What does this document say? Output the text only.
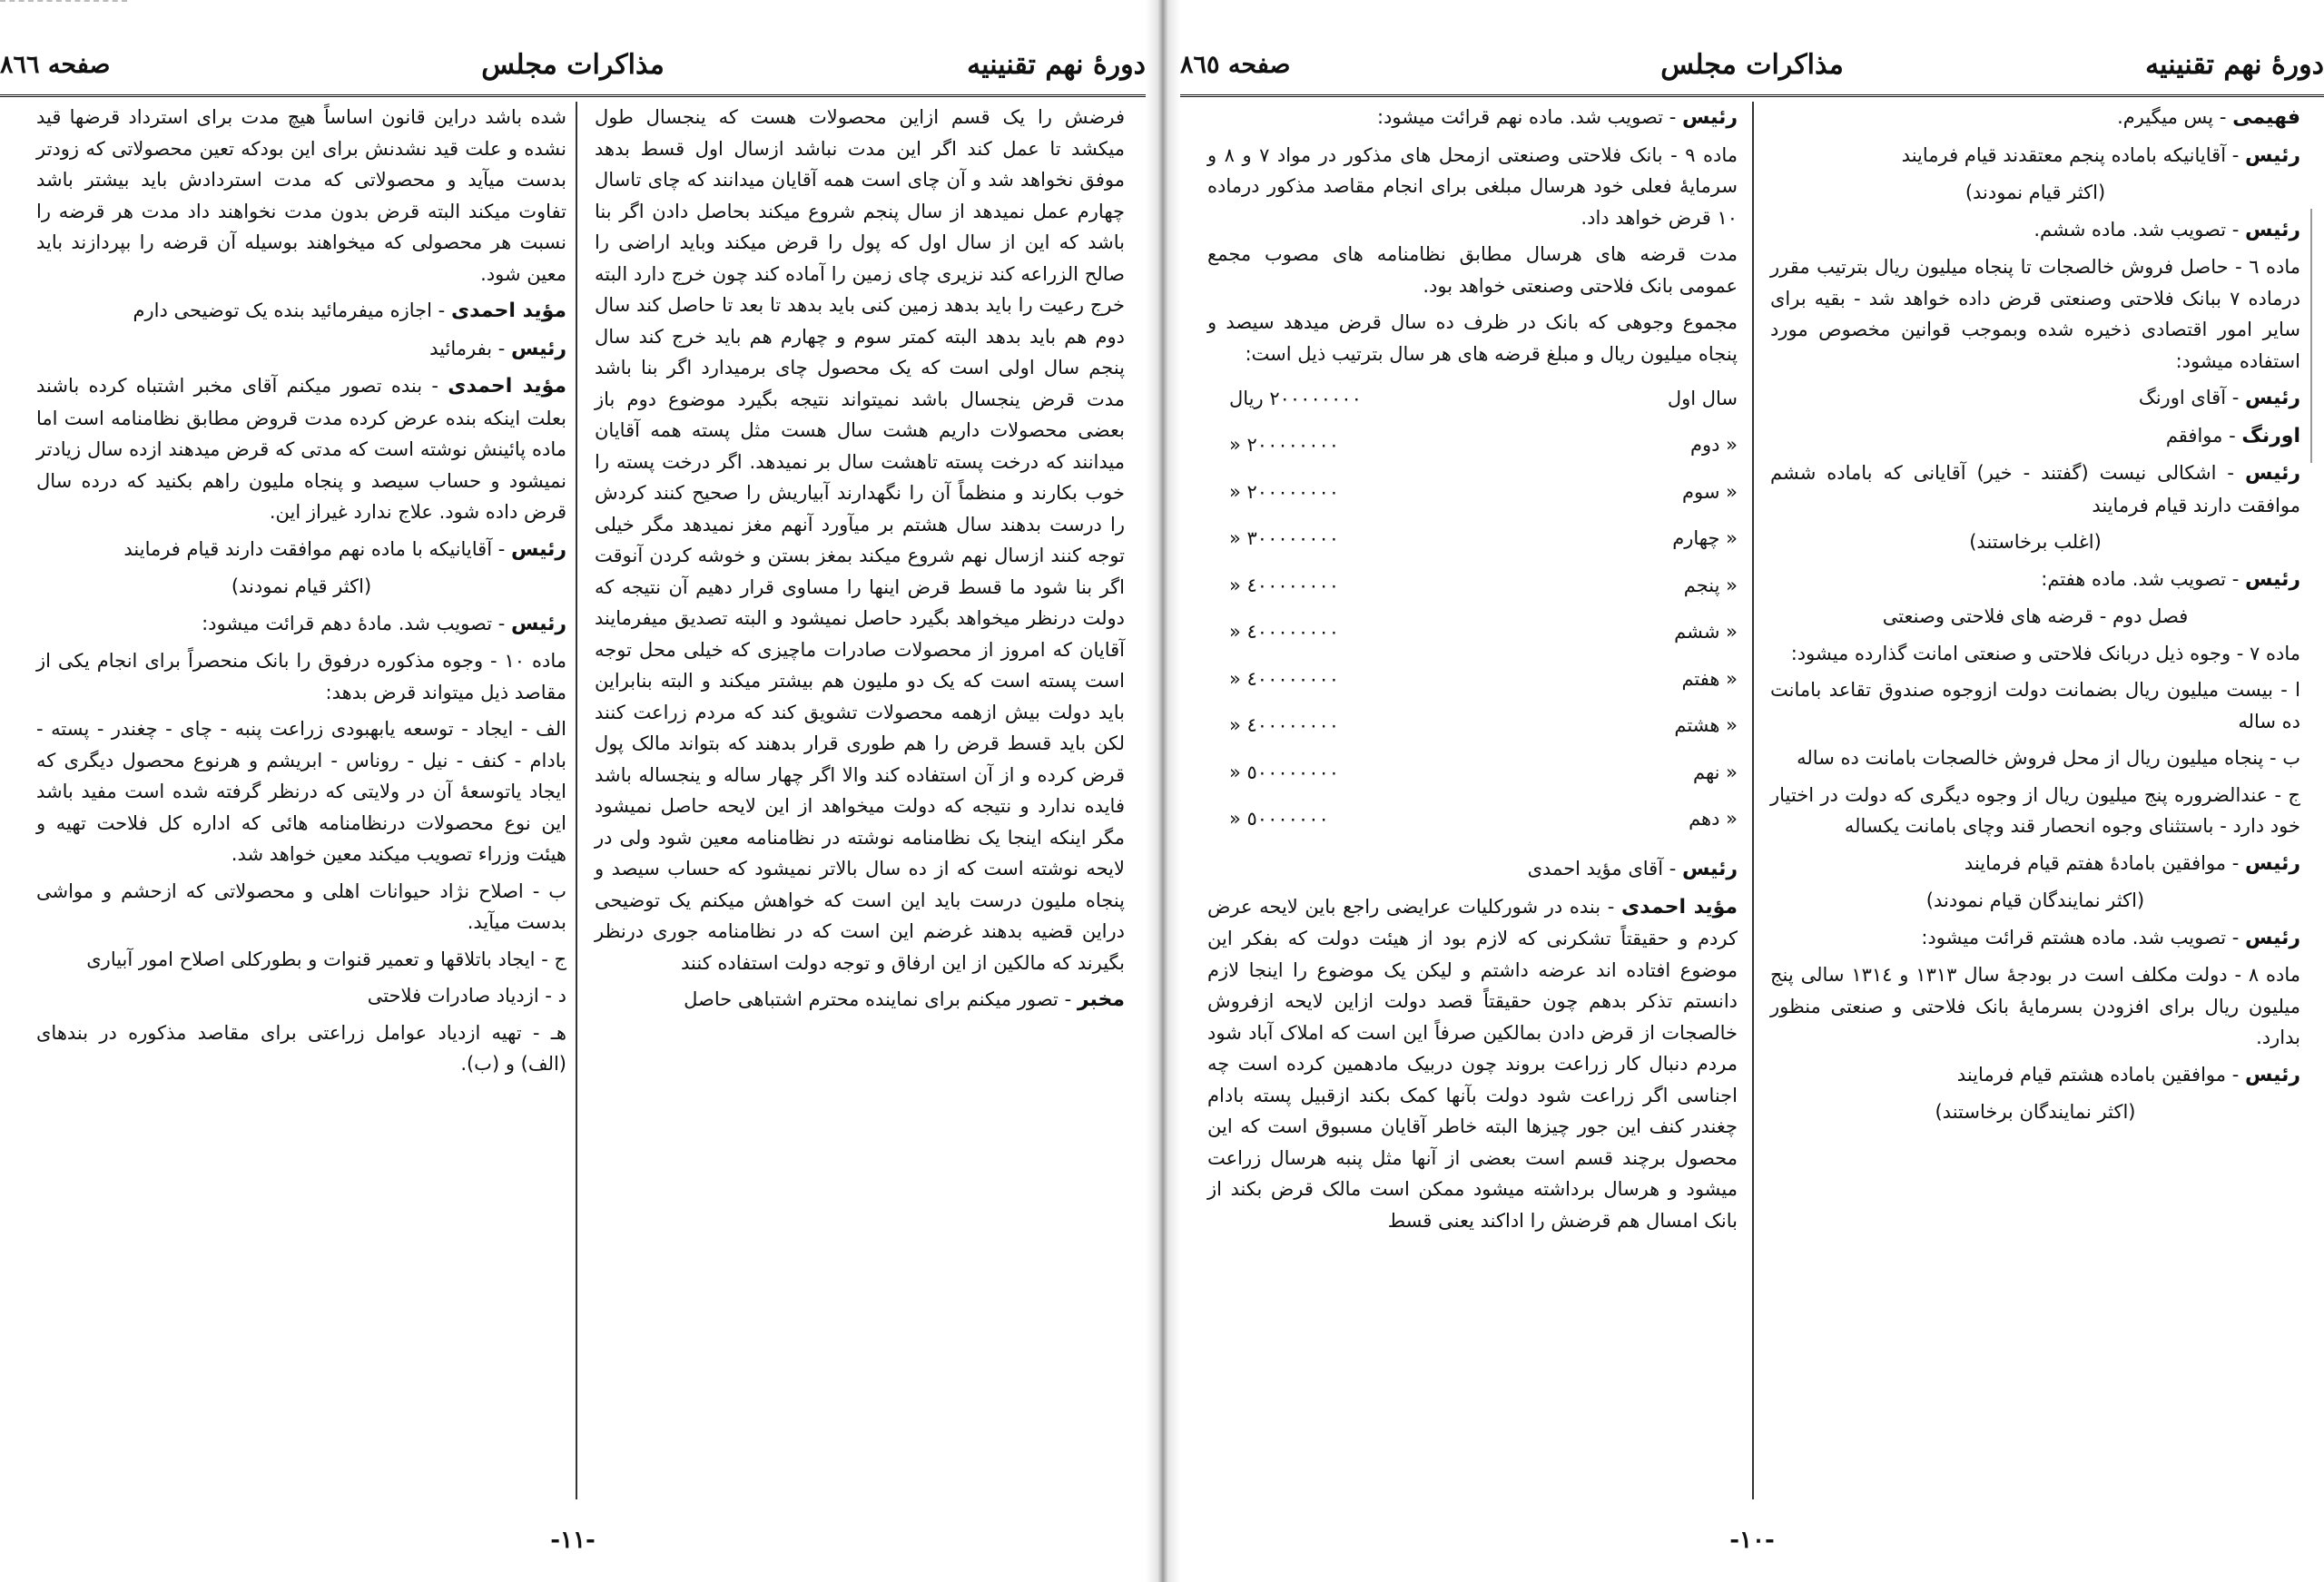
دورهٔ نهم تقنینیه
مذاکرات مجلس
صفحه ٨٦٦

فرضش را یک قسم ازاین محصولات هست که ینجسال طول میکشد تا عمل کند اگر این مدت نباشد ازسال اول قسط بدهد موفق نخواهد شد و آن چای است همه آقایان میدانند که چای تاسال چهارم عمل نمیدهد از سال پنجم شروع میکند بحاصل دادن اگر بنا باشد که این از سال اول که پول را قرض میکند وباید اراضی را صالح الزراعه کند نزیری چای زمین را آماده کند چون خرج دارد البته خرج رعیت را باید بدهد زمین کنی باید بدهد تا بعد تا حاصل کند سال دوم هم باید بدهد البته کمتر سوم و چهارم هم باید خرج کند سال پنجم سال اولی است که یک محصول چای برمیدارد اگر بنا باشد مدت قرض ینجسال باشد نمیتواند نتیجه بگیرد موضوع دوم باز بعضی محصولات داریم هشت سال هست مثل پسته همه آقایان میدانند که درخت پسته تاهشت سال بر نمیدهد. اگر درخت پسته را خوب بکارند و منظماً آن را نگهدارند آبیاریش را صحیح کنند کردش را درست بدهند سال هشتم بر میآورد آنهم مغز نمیدهد مگر خیلی توجه کنند ازسال نهم شروع میکند بمغز بستن و خوشه کردن آنوقت اگر بنا شود ما قسط قرض اینها را مساوی قرار دهیم آن نتیجه که دولت درنظر میخواهد بگیرد حاصل نمیشود و البته تصدیق میفرمایند آقایان که امروز از محصولات صادرات ماچیزی که خیلی محل توجه است پسته است که یک دو ملیون هم بیشتر میکند و البته بنابراین باید دولت بیش ازهمه محصولات تشویق کند که مردم زراعت کنند لکن باید قسط قرض را هم طوری قرار بدهند که بتواند مالک پول قرض کرده و از آن استفاده کند والا اگر چهار ساله و ینجساله باشد فایده ندارد و نتیجه که دولت میخواهد از این لایحه حاصل نمیشود مگر اینکه اینجا یک نظامنامه نوشته در نظامنامه معین شود ولی در لایحه نوشته است که از ده سال بالاتر نمیشود که حساب سیصد و پنجاه ملیون درست باید این است که خواهش میکنم یک توضیحی دراین قضیه بدهند غرضم این است که در نظامنامه جوری درنظر بگیرند که مالکین از این ارفاق و توجه دولت استفاده کنند

مخبر - تصور میکنم برای نماینده محترم اشتباهی حاصل

شده باشد دراین قانون اساساً هیچ مدت برای استرداد قرضها قید نشده و علت قید نشدنش برای این بودکه تعین محصولاتی که زودتر بدست میآید و محصولاتی که مدت استردادش باید بیشتر باشد تفاوت میکند البته قرض بدون مدت نخواهند داد مدت هر قرضه را نسبت هر محصولی که میخواهند بوسیله آن قرضه را بپردازند باید معین شود.

مؤید احمدی - اجازه میفرمائید بنده یک توضیحی دارم

رئیس - بفرمائید

مؤید احمدی - بنده تصور میکنم آقای مخبر اشتباه کرده باشند بعلت اینکه بنده عرض کرده مدت قروض مطابق نظامنامه است اما ماده پائینش نوشته است که مدتی که قرض میدهند ازده سال زیادتر نمیشود و حساب سیصد و پنجاه ملیون راهم بکنید که درده سال قرض داده شود. علاج ندارد غیراز این.

رئیس - آقایانیکه با ماده نهم موافقت دارند قیام فرمایند

(اکثر قیام نمودند)

رئیس - تصویب شد. مادهٔ دهم قرائت میشود:

ماده ١٠ - وجوه مذکوره درفوق را بانک منحصراً برای انجام یکی از مقاصد ذیل میتواند قرض بدهد:

الف - ایجاد - توسعه یابهبودی زراعت پنبه - چای - چغندر - پسته - بادام - کنف - نیل - روناس - ابریشم و هرنوع محصول دیگری که ایجاد یاتوسعهٔ آن در ولایتی که درنظر گرفته شده است مفید باشد این نوع محصولات درنظامنامه هائی که اداره کل فلاحت تهیه و هیئت وزراء تصویب میکند معین خواهد شد.

ب - اصلاح نژاد حیوانات اهلی و محصولاتی که ازحشم و مواشی بدست میآید.

ج - ایجاد باتلاقها و تعمیر قنوات و بطورکلی اصلاح امور آبیاری

د - ازدیاد صادرات فلاحتی

هـ - تهیه ازدیاد عوامل زراعتی برای مقاصد مذکوره در بندهای (الف) و (ب).

-١١-
دورهٔ نهم تقنینیه
مذاکرات مجلس
صفحه ٨٦٥

فهیمی - پس میگیرم.

رئیس - آقایانیکه باماده پنجم معتقدند قیام فرمایند

(اکثر قیام نمودند)

رئیس - تصویب شد. ماده ششم.

ماده ٦ - حاصل فروش خالصجات تا پنجاه میلیون ریال بترتیب مقرر درماده ٧ ببانک فلاحتی وصنعتی قرض داده خواهد شد - بقیه برای سایر امور اقتصادی ذخیره شده وبموجب قوانین مخصوص مورد استفاده میشود:

رئیس - آقای اورنگ

اورنگ - موافقم

رئیس - اشکالی نیست (گفتند - خیر) آقایانی که باماده ششم موافقت دارند قیام فرمایند

(اغلب برخاستند)

رئیس - تصویب شد. ماده هفتم:

فصل دوم - قرضه های فلاحتی وصنعتی

ماده ٧ - وجوه ذیل دربانک فلاحتی و صنعتی امانت گذارده میشود:

ا - بیست میلیون ریال بضمانت دولت ازوجوه صندوق تقاعد بامانت ده ساله

ب - پنجاه میلیون ریال از محل فروش خالصجات بامانت ده ساله

ج - عندالضروره پنج میلیون ریال از وجوه دیگری که دولت در اختیار خود دارد - باستثنای وجوه انحصار قند وچای بامانت یکساله

رئیس - موافقین بامادهٔ هفتم قیام فرمایند

(اکثر نمایندگان قیام نمودند)

رئیس - تصویب شد. ماده هشتم قرائت میشود:

ماده ٨ - دولت مکلف است در بودجهٔ سال ١٣١٣ و ١٣١٤ سالی پنج میلیون ریال برای افزودن بسرمایهٔ بانک فلاحتی و صنعتی منظور بدارد.

رئیس - موافقین باماده هشتم قیام فرمایند

(اکثر نمایندگان برخاستند)

رئیس - تصویب شد. ماده نهم قرائت میشود:

ماده ٩ - بانک فلاحتی وصنعتی ازمحل های مذکور در مواد ٧ و ٨ و سرمایهٔ فعلی خود هرسال مبلغی برای انجام مقاصد مذکور درماده ١٠ قرض خواهد داد.

مدت قرضه های هرسال مطابق نظامنامه های مصوب مجمع عمومی بانک فلاحتی وصنعتی خواهد بود.

مجموع وجوهی که بانک در ظرف ده سال قرض میدهد سیصد و پنجاه میلیون ریال و مبلغ قرضه های هر سال بترتیب ذیل است:

سال اول	٢٠٠٠٠٠٠٠٠ ریال
« دوم	٢٠٠٠٠٠٠٠٠ «
« سوم	٢٠٠٠٠٠٠٠٠ «
« چهارم	٣٠٠٠٠٠٠٠٠ «
« پنجم	٤٠٠٠٠٠٠٠٠ «
« ششم	٤٠٠٠٠٠٠٠٠ «
« هفتم	٤٠٠٠٠٠٠٠٠ «
« هشتم	٤٠٠٠٠٠٠٠٠ «
« نهم	٥٠٠٠٠٠٠٠٠ «
« دهم	٥٠٠٠٠٠٠٠ «

رئیس - آقای مؤید احمدی

مؤید احمدی - بنده در شورکلیات عرایضی راجع باین لایحه عرض کردم و حقیقتاً تشکرنی که لازم بود از هیئت دولت که بفکر این موضوع افتاده اند عرضه داشتم و لیکن یک موضوع را اینجا لازم دانستم تذکر بدهم چون حقیقتاً قصد دولت ازاین لایحه ازفروش خالصجات از قرض دادن بمالکین صرفاً این است که املاک آباد شود مردم دنبال کار زراعت بروند چون دربیک مادهمین کرده است چه اجناسی اگر زراعت شود دولت بآنها کمک بکند ازقبیل پسته بادام چغندر کنف این جور چیزها البته خاطر آقایان مسبوق است که این محصول برچند قسم است بعضی از آنها مثل پنبه هرسال زراعت میشود و هرسال برداشته میشود ممکن است مالک قرض بکند از بانک امسال هم قرضش را اداکند یعنی قسط

-١٠-
